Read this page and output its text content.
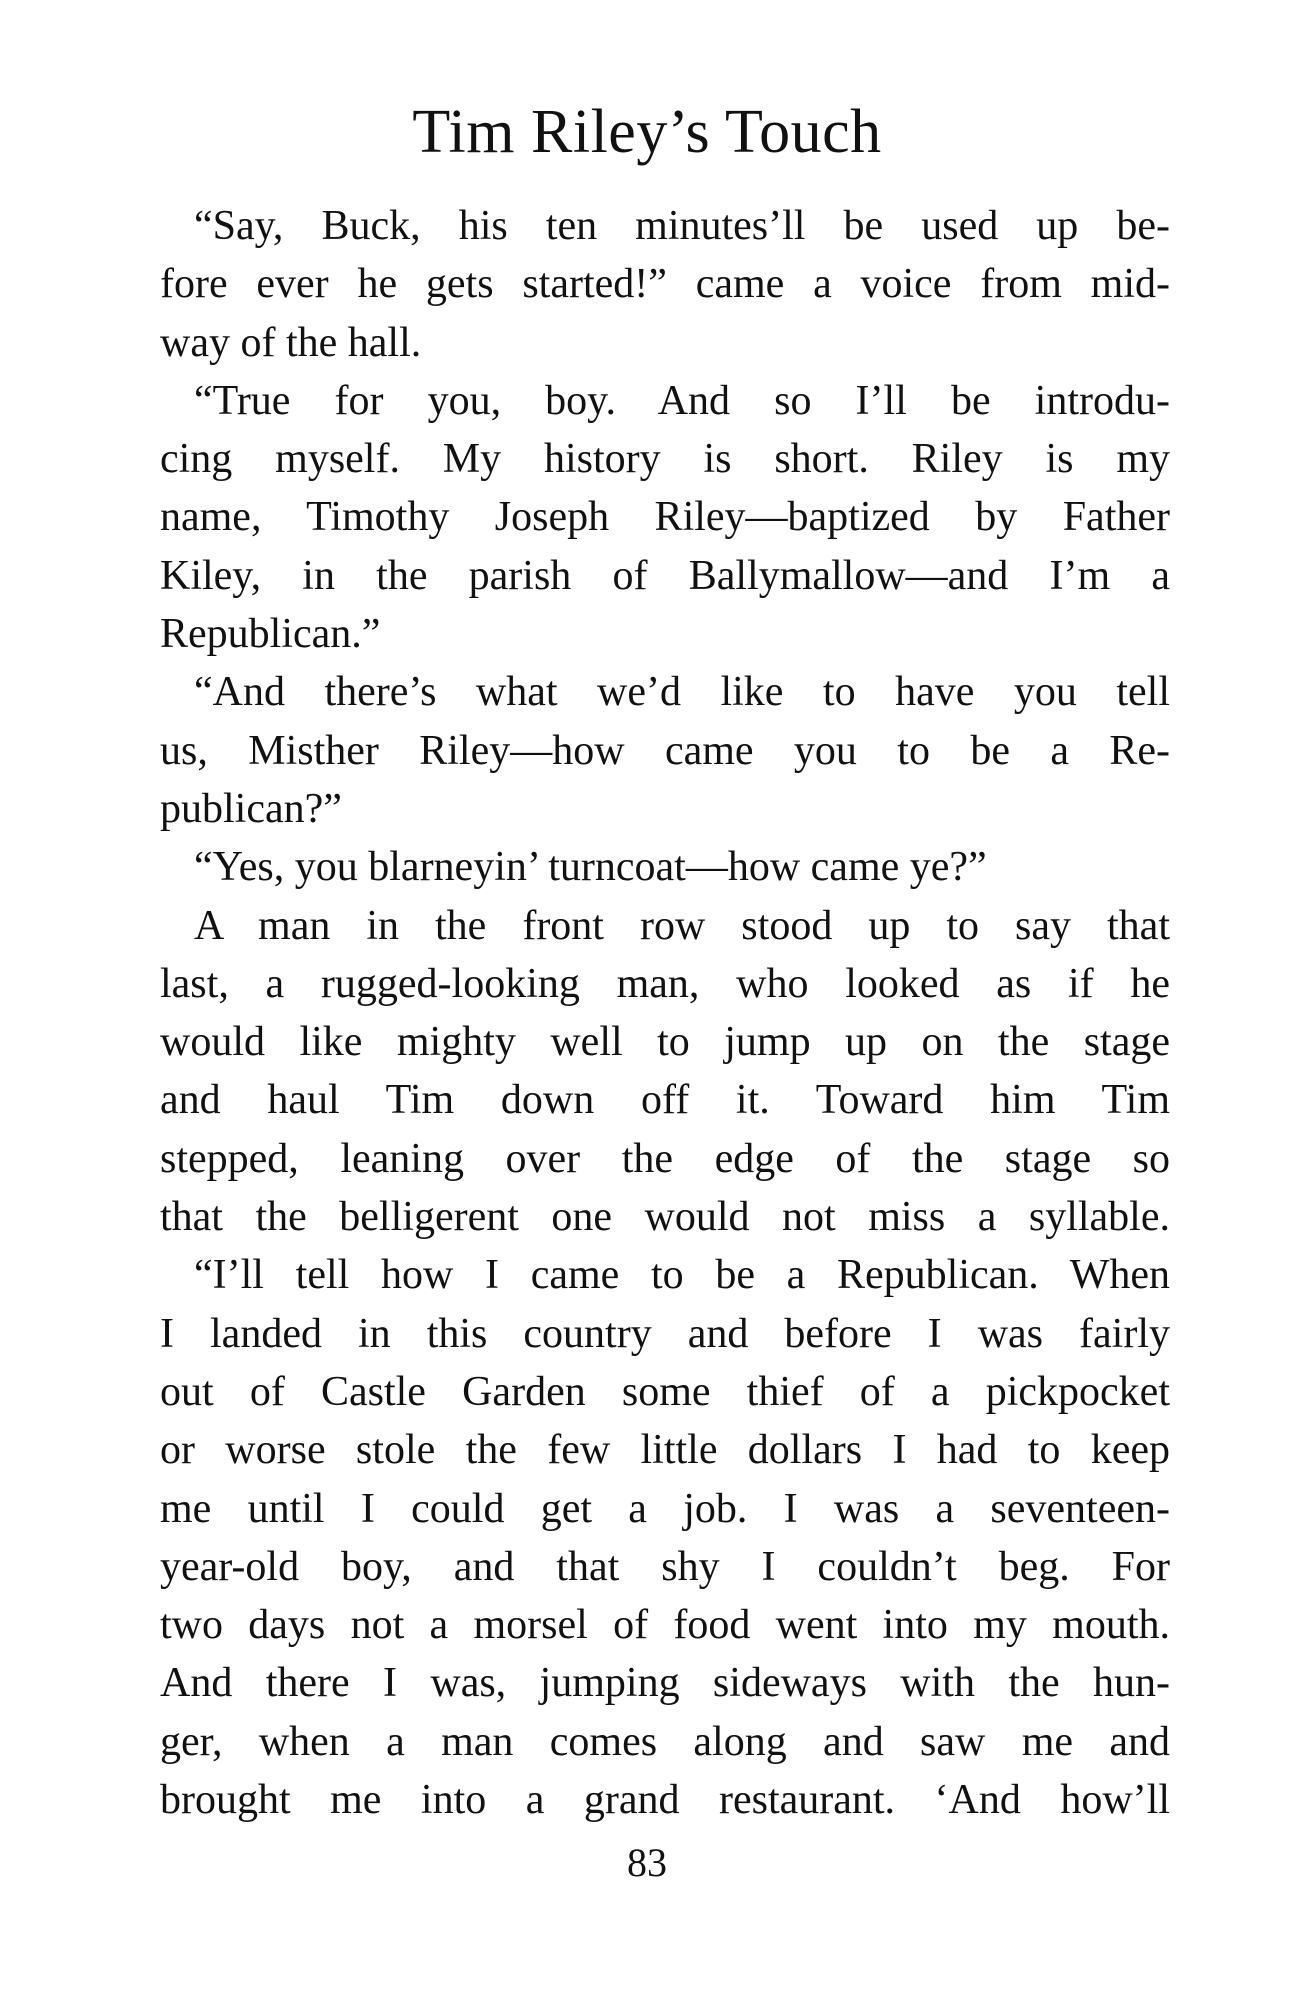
Tim Riley’s Touch
“Say, Buck, his ten minutes’ll be used up be-
fore ever he gets started!” came a voice from mid-
way of the hall.
“True for you, boy. And so I’ll be introdu-
cing myself. My history is short. Riley is my
name, Timothy Joseph Riley—baptized by Father
Kiley, in the parish of Ballymallow—and I’m a
Republican.”
“And there’s what we’d like to have you tell
us, Misther Riley—how came you to be a Re-
publican?”
“Yes, you blarneyin’ turncoat—how came ye?”
A man in the front row stood up to say that
last, a rugged-looking man, who looked as if he
would like mighty well to jump up on the stage
and haul Tim down off it. Toward him Tim
stepped, leaning over the edge of the stage so
that the belligerent one would not miss a syllable.
“I’ll tell how I came to be a Republican. When
I landed in this country and before I was fairly
out of Castle Garden some thief of a pickpocket
or worse stole the few little dollars I had to keep
me until I could get a job. I was a seventeen-
year-old boy, and that shy I couldn’t beg. For
two days not a morsel of food went into my mouth.
And there I was, jumping sideways with the hun-
ger, when a man comes along and saw me and
brought me into a grand restaurant. ‘And how’ll
83
